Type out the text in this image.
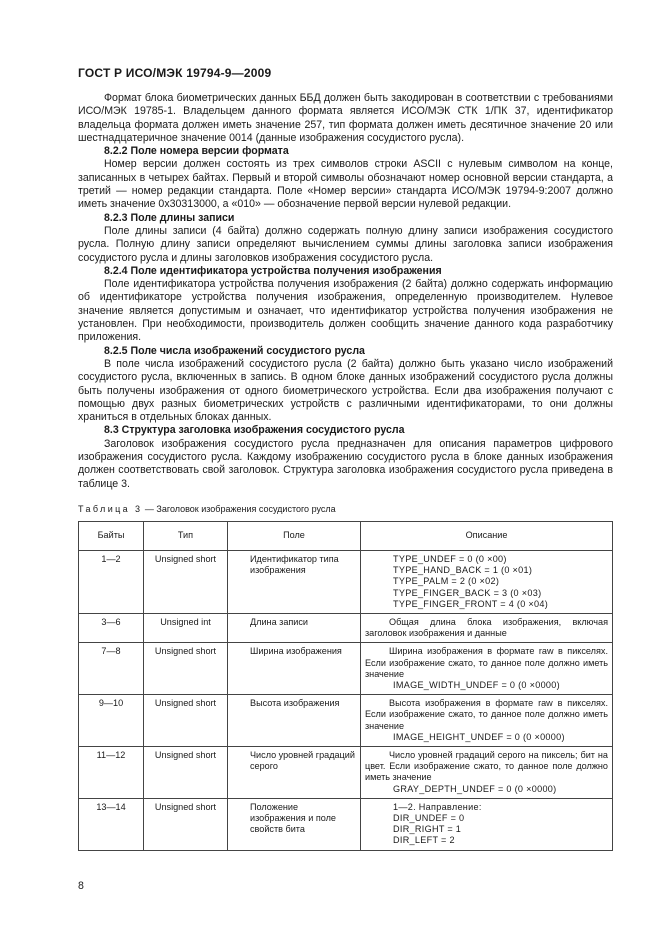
ГОСТ Р ИСО/МЭК 19794-9—2009

Формат блока биометрических данных ББД должен быть закодирован в соответствии с требованиями ИСО/МЭК 19785-1. Владельцем данного формата является ИСО/МЭК СТК 1/ПК 37, идентификатор владельца формата должен иметь значение 257, тип формата должен иметь десятичное значение 20 или шестнадцатеричное значение 0014 (данные изображения сосудистого русла).

8.2.2 Поле номера версии формата

Номер версии должен состоять из трех символов строки ASCII с нулевым символом на конце, записанных в четырех байтах. Первый и второй символы обозначают номер основной версии стандарта, а третий — номер редакции стандарта. Поле «Номер версии» стандарта ИСО/МЭК 19794-9:2007 должно иметь значение 0x30313000, а «010» — обозначение первой версии нулевой редакции.

8.2.3 Поле длины записи

Поле длины записи (4 байта) должно содержать полную длину записи изображения сосудистого русла. Полную длину записи определяют вычислением суммы длины заголовка записи изображения сосудистого русла и длины заголовков изображения сосудистого русла.

8.2.4 Поле идентификатора устройства получения изображения

Поле идентификатора устройства получения изображения (2 байта) должно содержать информацию об идентификаторе устройства получения изображения, определенную производителем. Нулевое значение является допустимым и означает, что идентификатор устройства получения изображения не установлен. При необходимости, производитель должен сообщить значение данного кода разработчику приложения.

8.2.5 Поле числа изображений сосудистого русла

В поле числа изображений сосудистого русла (2 байта) должно быть указано число изображений сосудистого русла, включенных в запись. В одном блоке данных изображений сосудистого русла должны быть получены изображения от одного биометрического устройства. Если два изображения получают с помощью двух разных биометрических устройств с различными идентификаторами, то они должны храниться в отдельных блоках данных.

8.3 Структура заголовка изображения сосудистого русла

Заголовок изображения сосудистого русла предназначен для описания параметров цифрового изображения сосудистого русла. Каждому изображению сосудистого русла в блоке данных изображения должен соответствовать свой заголовок. Структура заголовка изображения сосудистого русла приведена в таблице 3.

Таблица 3 — Заголовок изображения сосудистого русла
Байты	Тип	Поле	Описание
1—2	Unsigned short	Идентификатор типа изображения	TYPE_UNDEF = 0 (0 ×00)
TYPE_HAND_BACK = 1 (0 ×01)
TYPE_PALM = 2 (0 ×02)
TYPE_FINGER_BACK = 3 (0 ×03)
TYPE_FINGER_FRONT = 4 (0 ×04)

3—6	Unsigned int	Длина записи	Общая длина блока изображения, включая заголовок изображения и данные

7—8	Unsigned short	Ширина изображения	Ширина изображения в формате raw в пикселях. Если изображение сжато, то данное поле должно иметь значение
IMAGE_WIDTH_UNDEF = 0 (0 ×0000)

9—10	Unsigned short	Высота изображения	Высота изображения в формате raw в пикселях. Если изображение сжато, то данное поле должно иметь значение
IMAGE_HEIGHT_UNDEF = 0 (0 ×0000)

11—12	Unsigned short	Число уровней градаций серого	Число уровней градаций серого на пиксель; бит на цвет. Если изображение сжато, то данное поле должно иметь значение
GRAY_DEPTH_UNDEF = 0 (0 ×0000)

13—14	Unsigned short	Положение изображения и поле свойств бита	1—2. Направление:
DIR_UNDEF = 0
DIR_RIGHT = 1
DIR_LEFT = 2
8
